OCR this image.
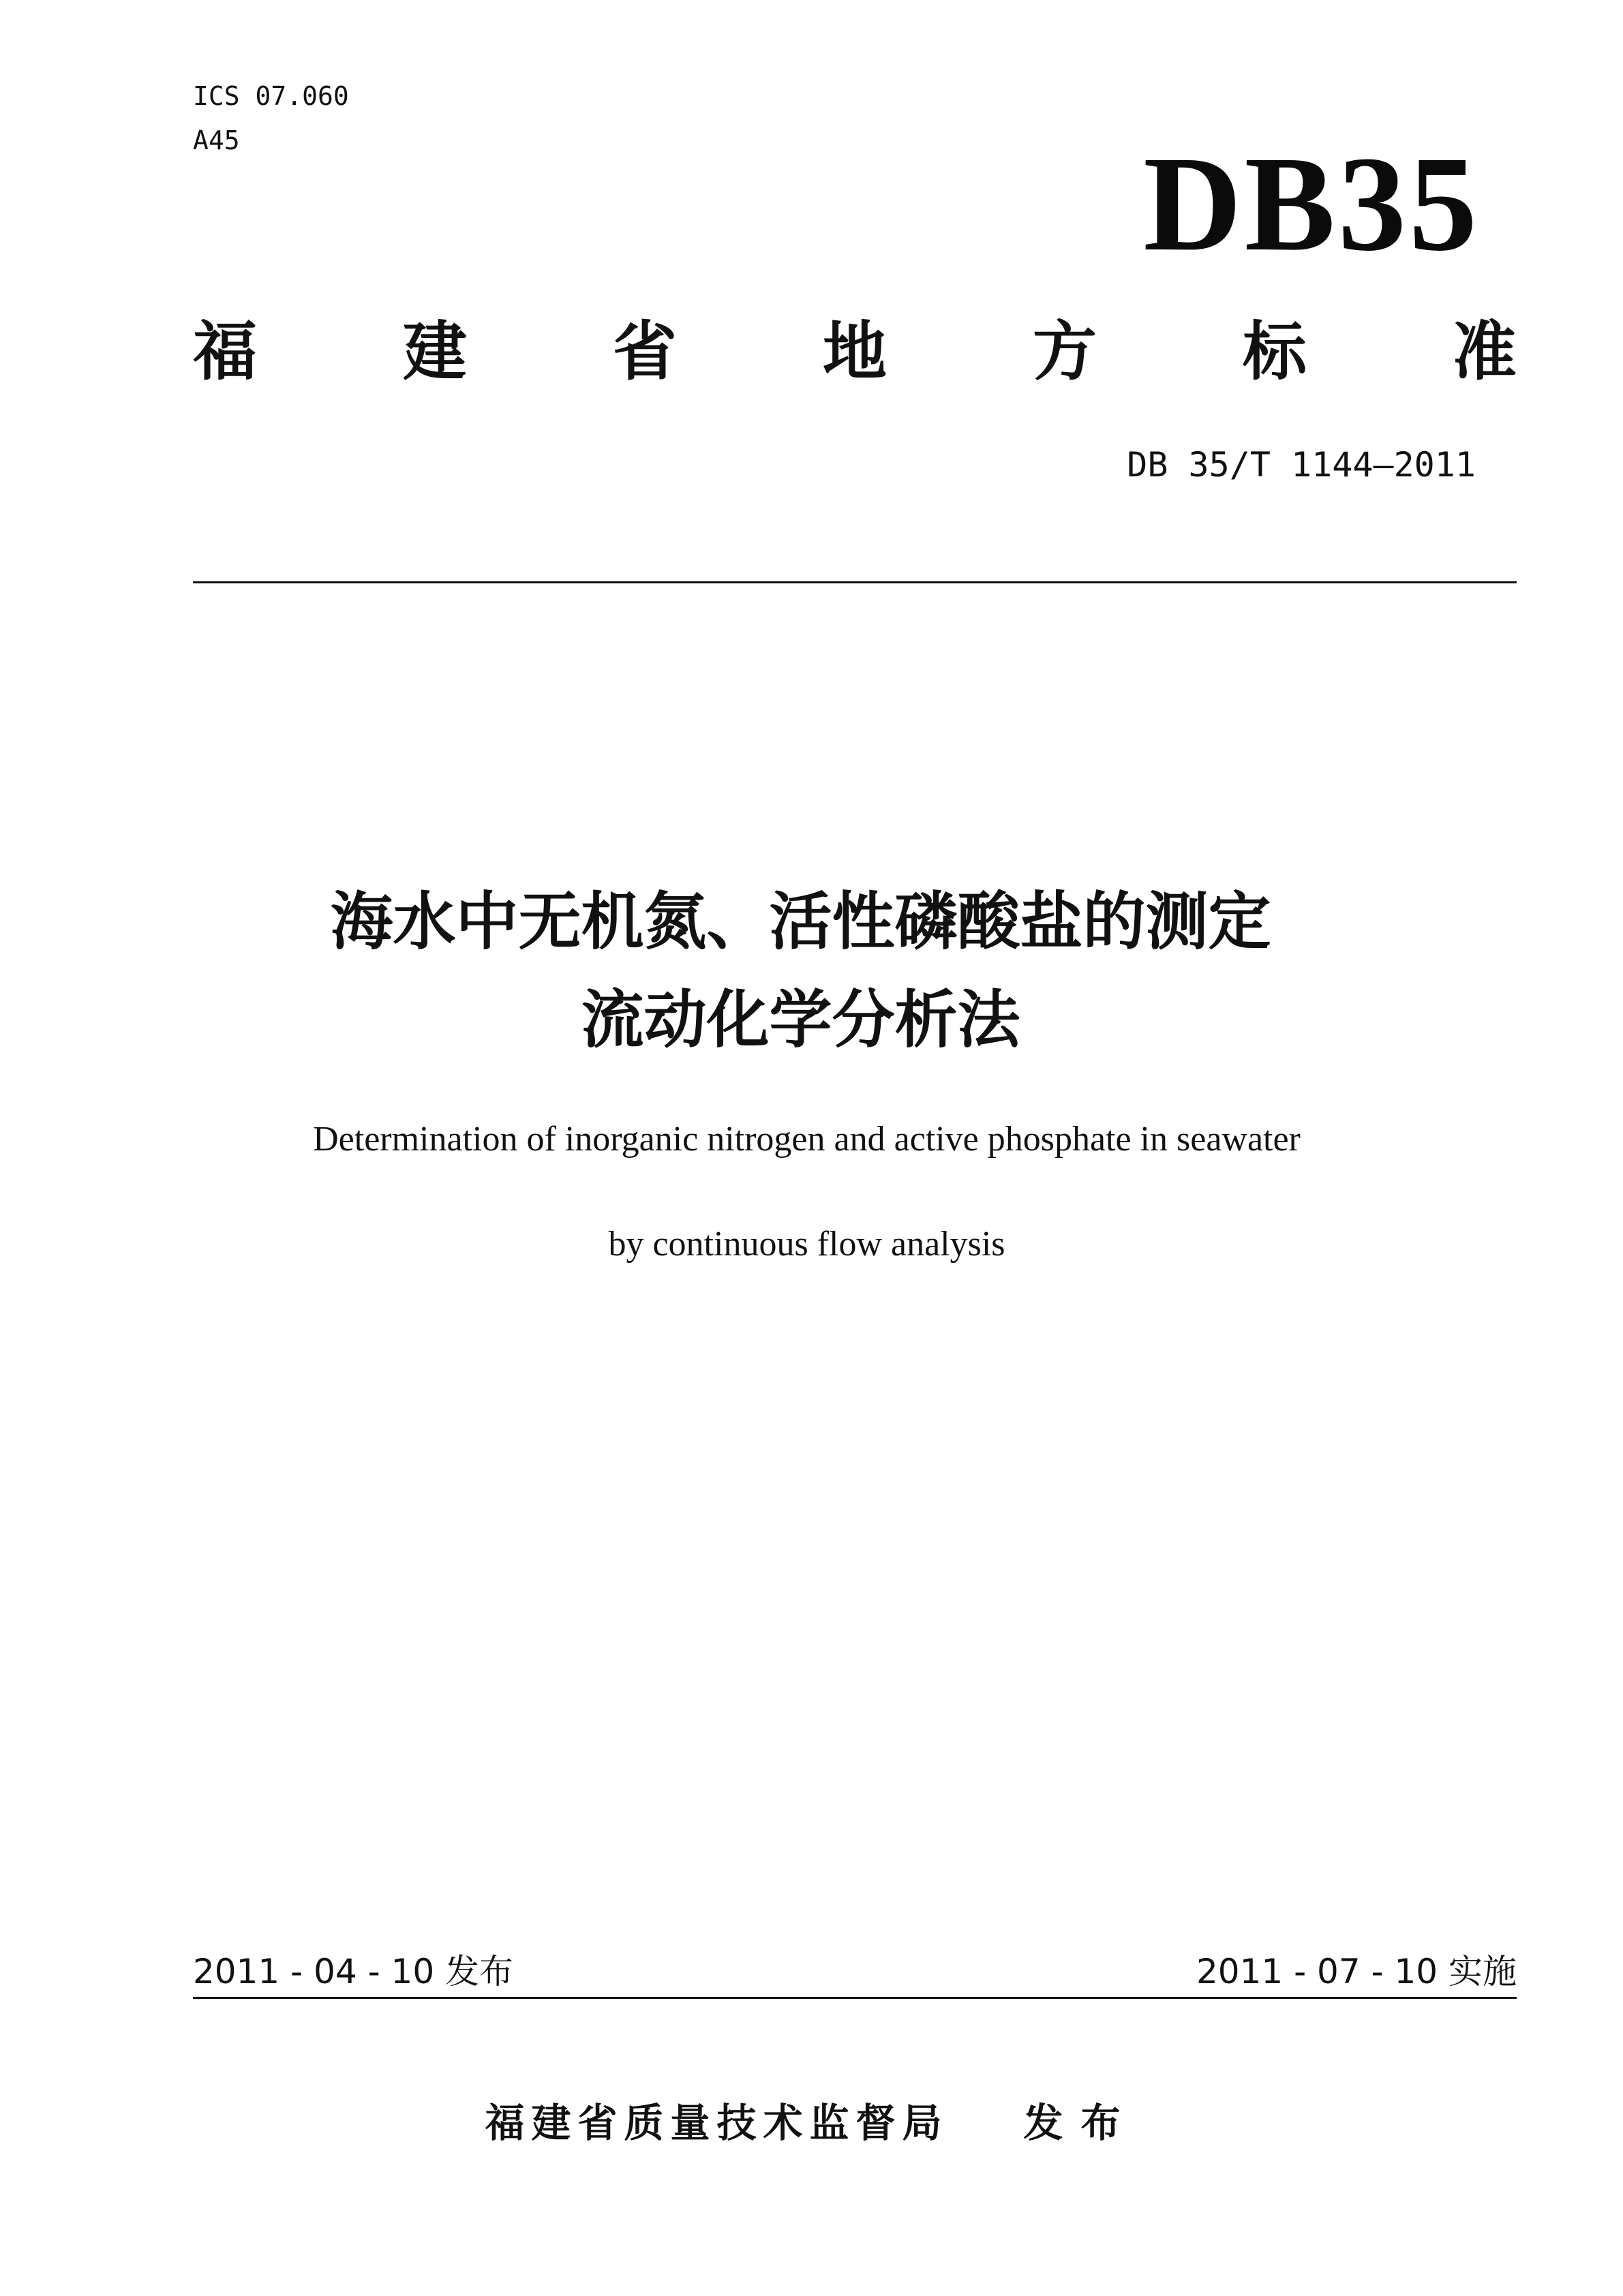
ICS 07.060
A45	DB35
福 建 省 地 方 标 准
DB 35/T 1144—2011
海水中无机氮、活性磷酸盐的测定
流动化学分析法
Determination of inorganic nitrogen and active phosphate in seawater
by continuous flow analysis
2011 - 04 - 10 发布	2011 - 07 - 10 实施
福建省质量技术监督局 发布
